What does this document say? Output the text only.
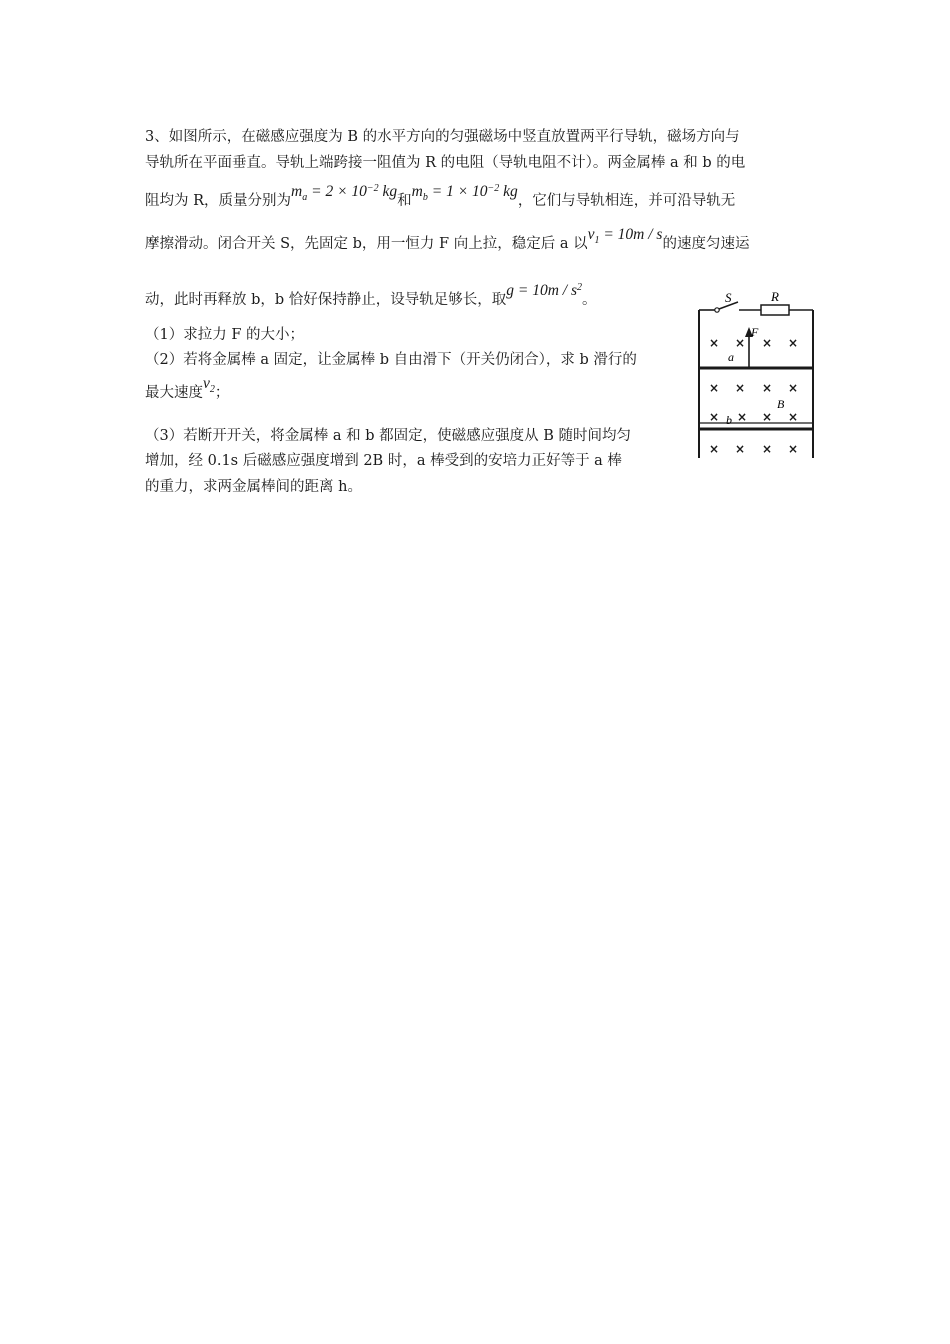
3、如图所示，在磁感应强度为 B 的水平方向的匀强磁场中竖直放置两平行导轨，磁场方向与
导轨所在平面垂直。导轨上端跨接一阻值为 R 的电阻（导轨电阻不计）。两金属棒 a 和 b 的电
阻均为 R，质量分别为$m_a = 2 \times 10^{-2}$ kg和$m_b = 1 \times 10^{-2}$ kg，它们与导轨相连，并可沿导轨无
摩擦滑动。闭合开关 S，先固定 b，用一恒力 F 向上拉，稳定后 a 以$v_1 = 10m / s$的速度匀速运
动，此时再释放 b，b 恰好保持静止，设导轨足够长，取$g = 10m / s^2$。
（1）求拉力 F 的大小；
（2）若将金属棒 a 固定，让金属棒 b 自由滑下（开关仍闭合），求 b 滑行的
最大速度$v_2$；
（3）若断开开关，将金属棒 a 和 b 都固定，使磁感应强度从 B 随时间均匀
增加，经 0.1s 后磁感应强度增到 2B 时，a 棒受到的安培力正好等于 a 棒
的重力，求两金属棒间的距离 h。
S	R
F
a
b
B
× × × ×
× × × ×
× × × ×
× × × ×
